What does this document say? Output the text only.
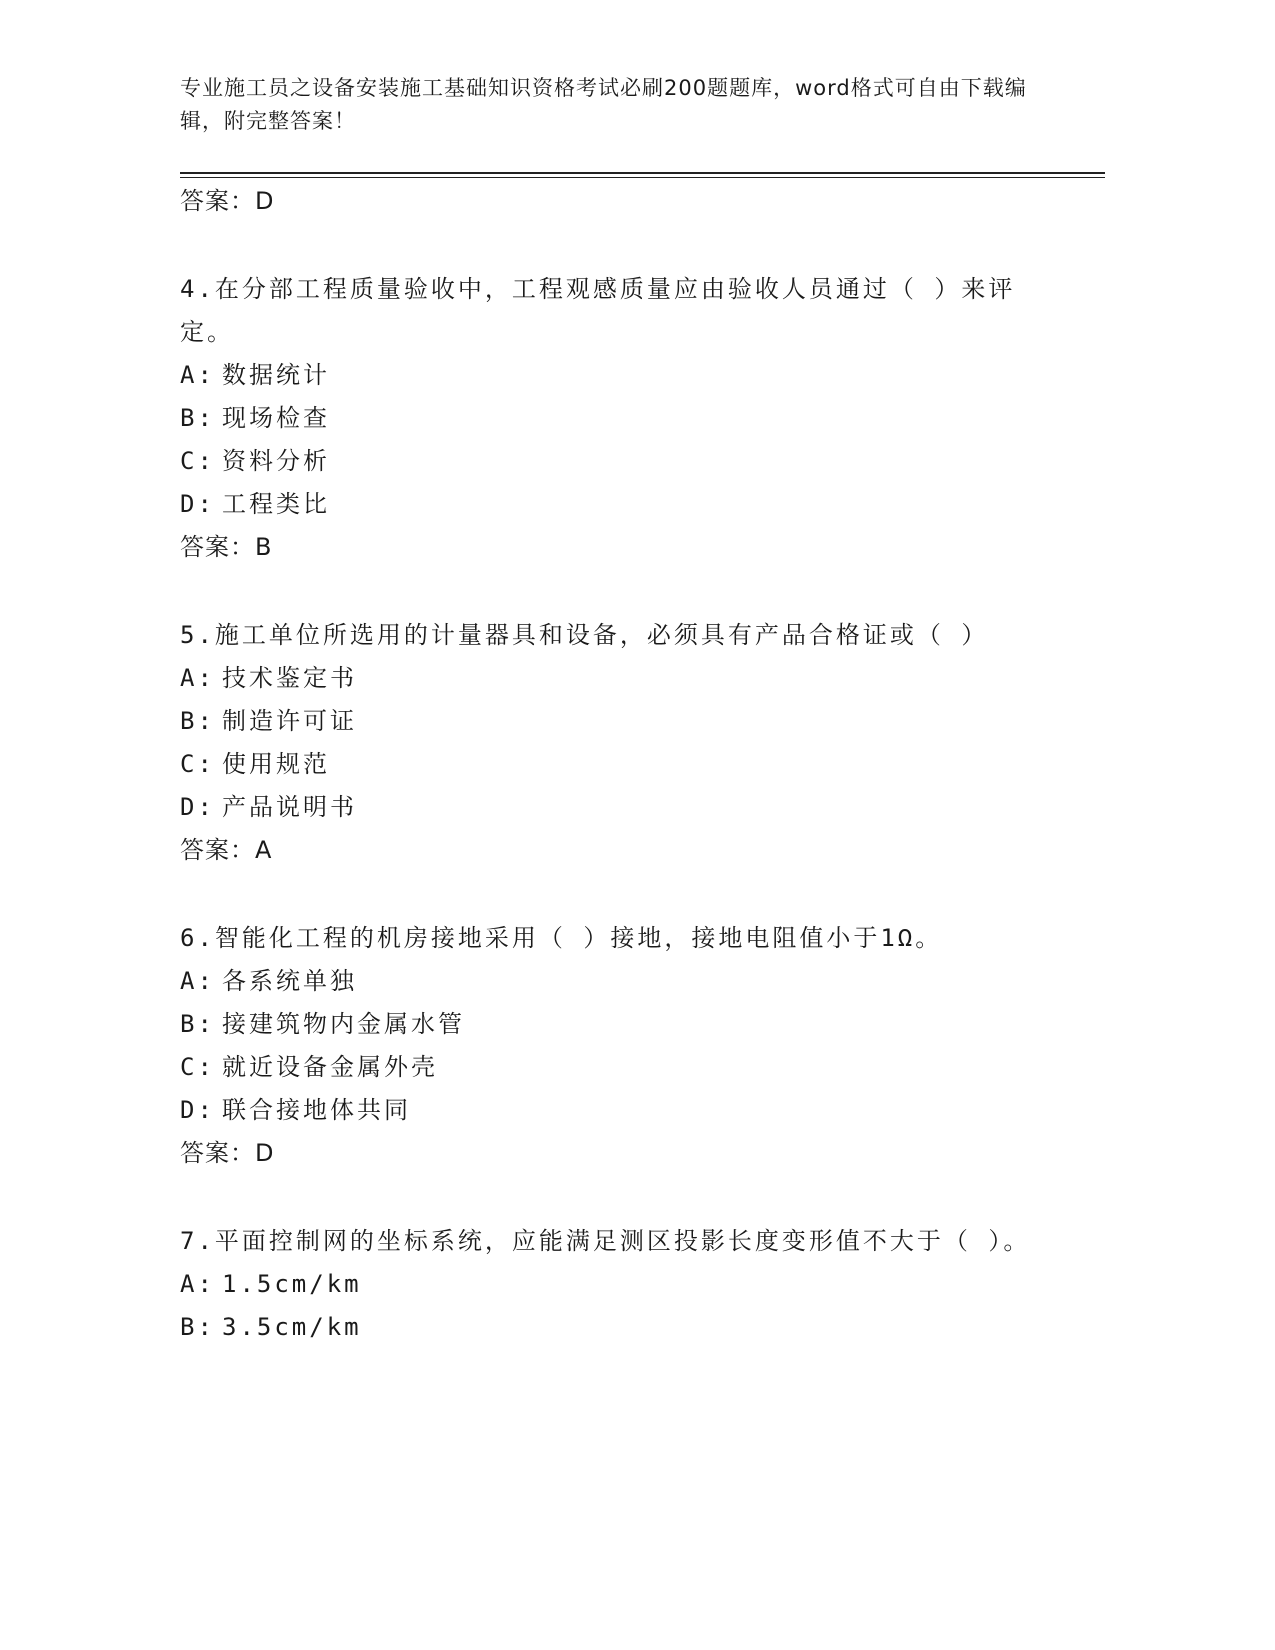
专业施工员之设备安装施工基础知识资格考试必刷200题题库，word格式可自由下载编辑，附完整答案！
答案：D
4.在分部工程质量验收中，工程观感质量应由验收人员通过（ ）来评定。
A: 数据统计
B: 现场检查
C: 资料分析
D: 工程类比
答案：B
5.施工单位所选用的计量器具和设备，必须具有产品合格证或（ ）
A: 技术鉴定书
B: 制造许可证
C: 使用规范
D: 产品说明书
答案：A
6.智能化工程的机房接地采用（ ）接地，接地电阻值小于1Ω。
A: 各系统单独
B: 接建筑物内金属水管
C: 就近设备金属外壳
D: 联合接地体共同
答案：D
7.平面控制网的坐标系统，应能满足测区投影长度变形值不大于（ ）。
A: 1.5cm/km
B: 3.5cm/km
